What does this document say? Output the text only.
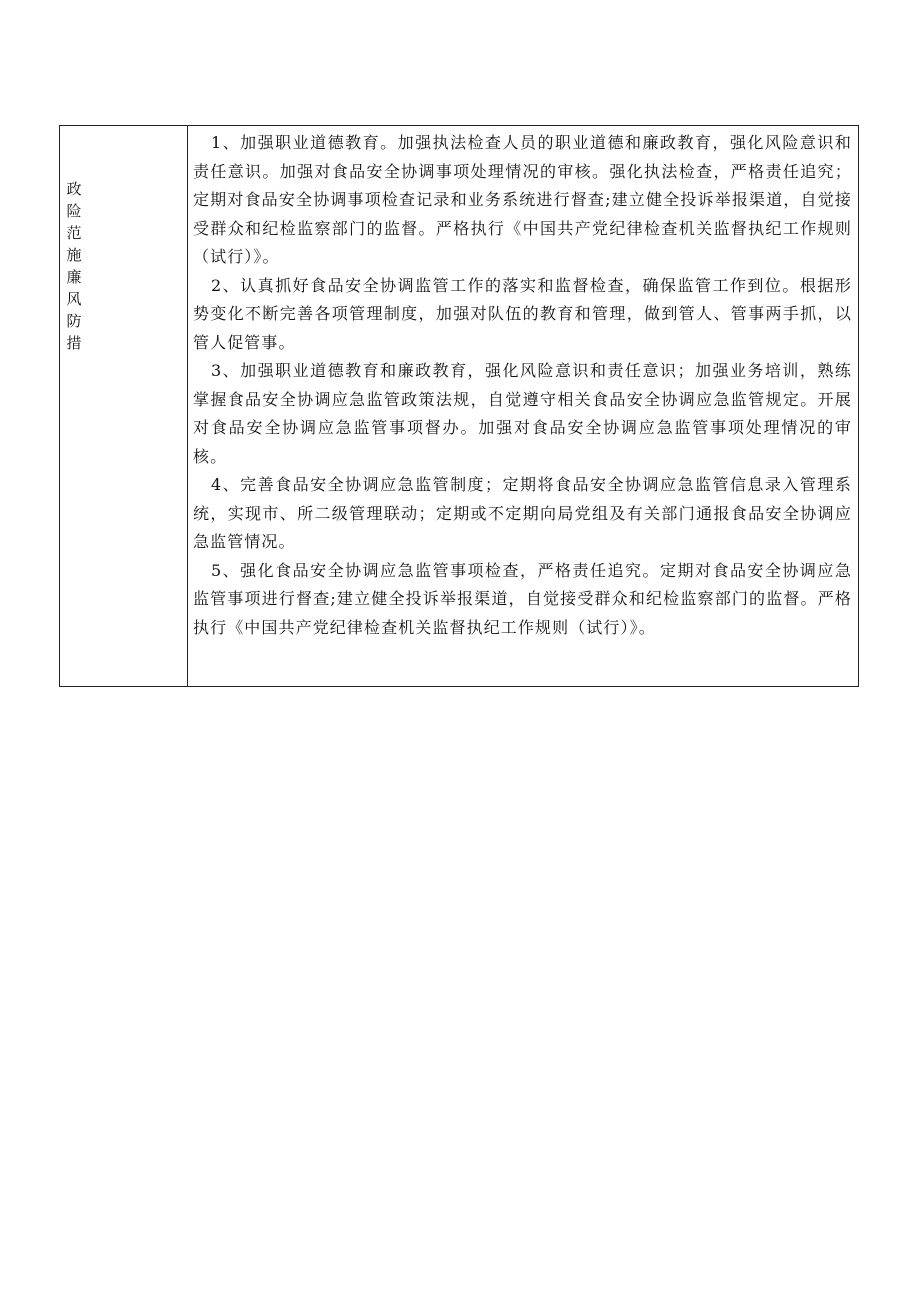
政
险
范
施
廉
风
防
措

1、加强职业道德教育。加强执法检查人员的职业道德和廉政教育，强化风险意识和责任意识。加强对食品安全协调事项处理情况的审核。强化执法检查，严格责任追究；定期对食品安全协调事项检查记录和业务系统进行督查;建立健全投诉举报渠道，自觉接受群众和纪检监察部门的监督。严格执行《中国共产党纪律检查机关监督执纪工作规则（试行）》。

2、认真抓好食品安全协调监管工作的落实和监督检查，确保监管工作到位。根据形势变化不断完善各项管理制度，加强对队伍的教育和管理，做到管人、管事两手抓，以管人促管事。

3、加强职业道德教育和廉政教育，强化风险意识和责任意识；加强业务培训，熟练掌握食品安全协调应急监管政策法规，自觉遵守相关食品安全协调应急监管规定。开展对食品安全协调应急监管事项督办。加强对食品安全协调应急监管事项处理情况的审核。

4、完善食品安全协调应急监管制度；定期将食品安全协调应急监管信息录入管理系统，实现市、所二级管理联动；定期或不定期向局党组及有关部门通报食品安全协调应急监管情况。

5、强化食品安全协调应急监管事项检查，严格责任追究。定期对食品安全协调应急监管事项进行督查;建立健全投诉举报渠道，自觉接受群众和纪检监察部门的监督。严格执行《中国共产党纪律检查机关监督执纪工作规则（试行）》。
